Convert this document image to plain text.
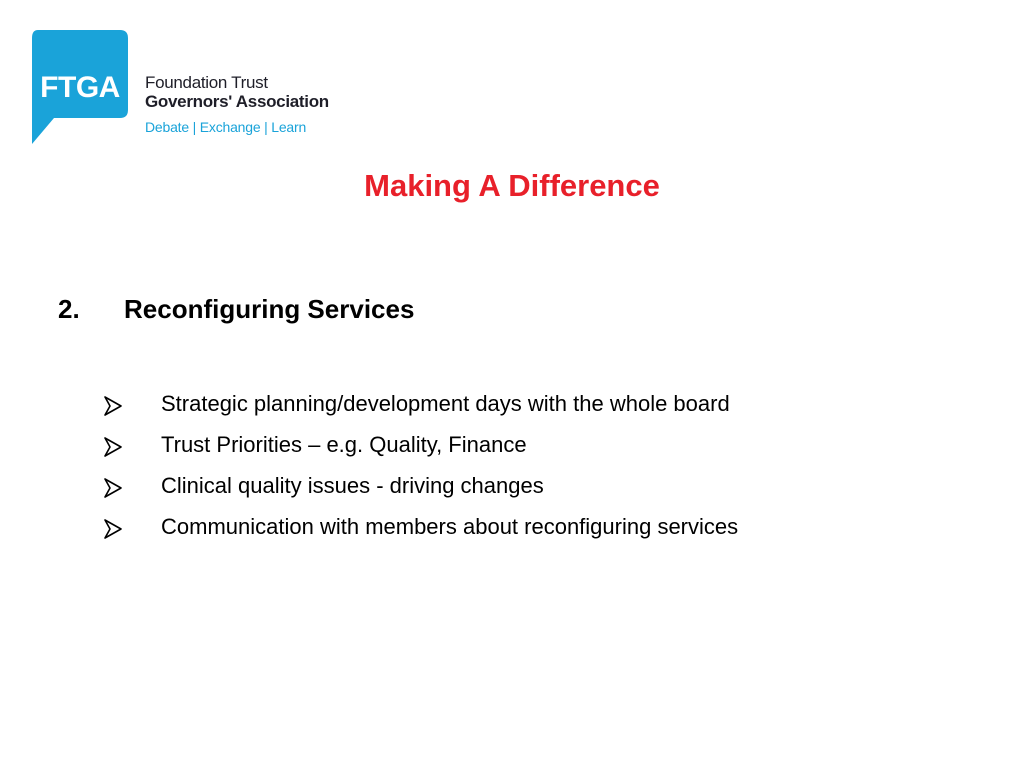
FTGA	Foundation Trust
Governors' Association
Debate | Exchange | Learn
Making A Difference
2. Reconfiguring Services
Strategic planning/development days with the whole board
Trust Priorities – e.g. Quality, Finance
Clinical quality issues - driving changes
Communication with members about reconfiguring services
